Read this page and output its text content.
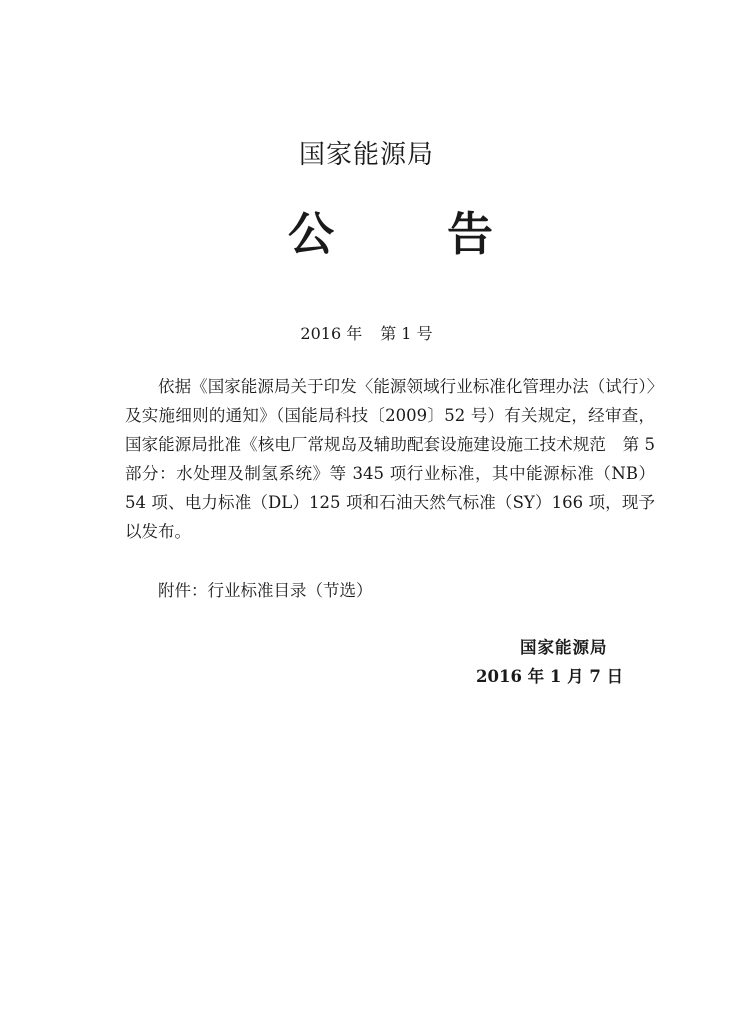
国家能源局
公 告
2016 年 第 1 号

依据《国家能源局关于印发〈能源领域行业标准化管理办法（试行）〉及实施细则的通知》（国能局科技〔2009〕52 号）有关规定，经审查，国家能源局批准《核电厂常规岛及辅助配套设施建设施工技术规范　第 5 部分：水处理及制氢系统》等 345 项行业标准，其中能源标准（NB）54 项、电力标准（DL）125 项和石油天然气标准（SY）166 项，现予以发布。

附件：行业标准目录（节选）
国家能源局
2016 年 1 月 7 日
